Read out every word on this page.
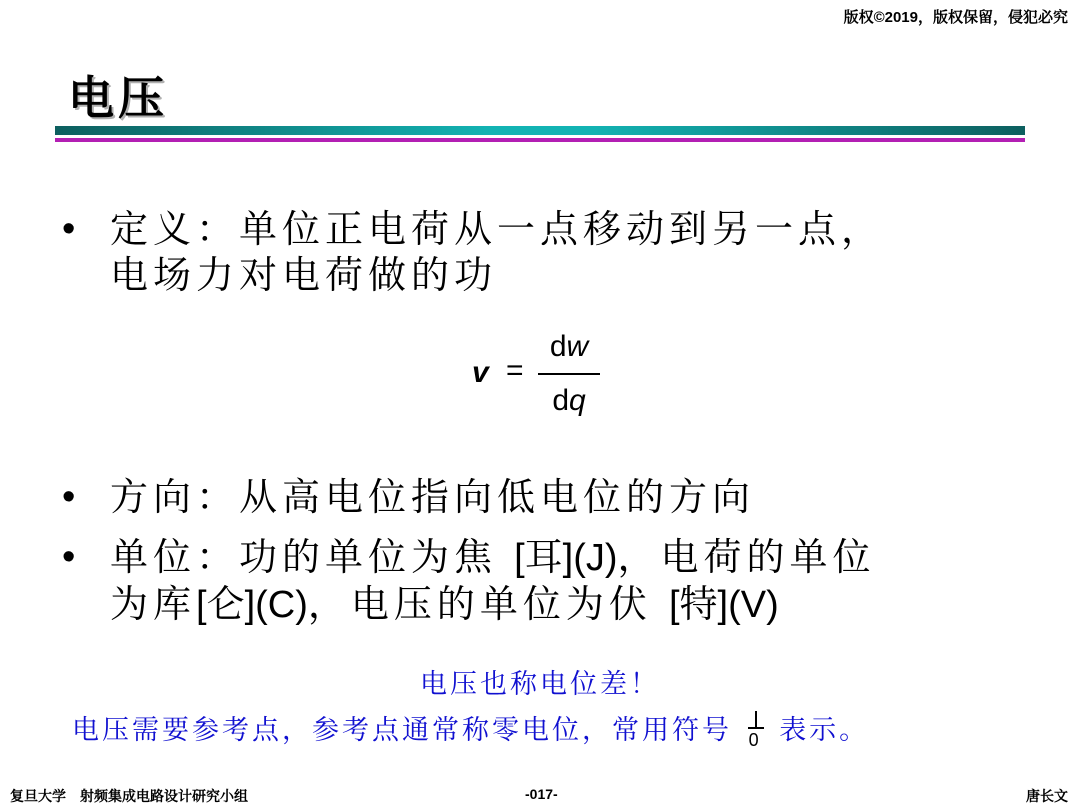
版权©2019，版权保留，侵犯必究
电压
• 定义：单位正电荷从一点移动到另一点，
电场力对电荷做的功
v =
dw
dq
• 方向：从高电位指向低电位的方向
• 单位：功的单位为焦 [耳](J)，电荷的单位
为库[仑](C)，电压的单位为伏 [特](V)
电压也称电位差！
电压需要参考点，参考点通常称零电位，常用符号 0 表示。
复旦大学　射频集成电路设计研究小组	-017-	唐长文
